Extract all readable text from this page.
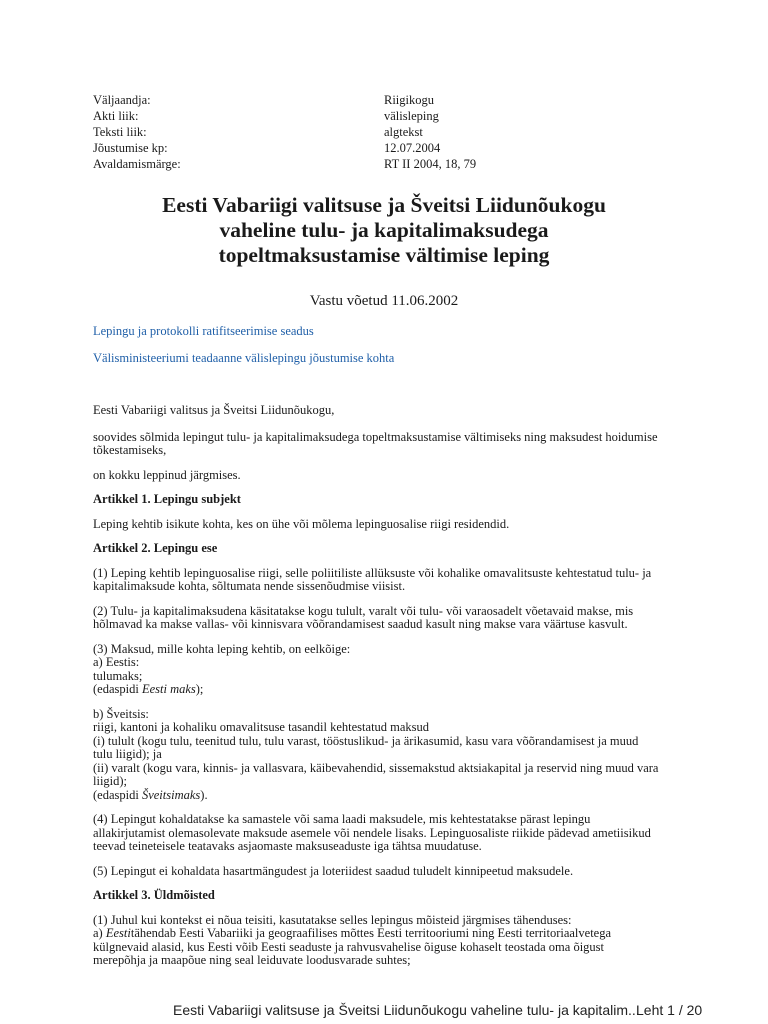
Väljaandja:	Riigikogu
Akti liik:	välisleping
Teksti liik:	algtekst
Jõustumise kp:	12.07.2004
Avaldamismärge:	RT II 2004, 18, 79
Eesti Vabariigi valitsuse ja Šveitsi Liidunõukogu
vaheline tulu- ja kapitalimaksudega
topeltmaksustamise vältimise leping
Vastu võetud 11.06.2002
Lepingu ja protokolli ratifitseerimise seadus
Välisministeeriumi teadaanne välislepingu jõustumise kohta
Eesti Vabariigi valitsus ja Šveitsi Liidunõukogu,
soovides sõlmida lepingut tulu- ja kapitalimaksudega topeltmaksustamise vältimiseks ning maksudest hoidumise
tõkestamiseks,
on kokku leppinud järgmises.
Artikkel 1. Lepingu subjekt
Leping kehtib isikute kohta, kes on ühe või mõlema lepinguosalise riigi residendid.
Artikkel 2. Lepingu ese
(1) Leping kehtib lepinguosalise riigi, selle poliitiliste allüksuste või kohalike omavalitsuste kehtestatud tulu- ja
kapitalimaksude kohta, sõltumata nende sissenõudmise viisist.
(2) Tulu- ja kapitalimaksudena käsitatakse kogu tulult, varalt või tulu- või varaosadelt võetavaid makse, mis
hõlmavad ka makse vallas- või kinnisvara võõrandamisest saadud kasult ning makse vara väärtuse kasvult.
(3) Maksud, mille kohta leping kehtib, on eelkõige:
a) Eestis:
tulumaks;
(edaspidi Eesti maks);
b) Šveitsis:
riigi, kantoni ja kohaliku omavalitsuse tasandil kehtestatud maksud
(i) tulult (kogu tulu, teenitud tulu, tulu varast, tööstuslikud- ja ärikasumid, kasu vara võõrandamisest ja muud
tulu liigid); ja
(ii) varalt (kogu vara, kinnis- ja vallasvara, käibevahendid, sissemakstud aktsiakapital ja reservid ning muud vara
liigid);
(edaspidi Šveitsimaks).
(4) Lepingut kohaldatakse ka samastele või sama laadi maksudele, mis kehtestatakse pärast lepingu
allakirjutamist olemasolevate maksude asemele või nendele lisaks. Lepinguosaliste riikide pädevad ametiisikud
teevad teineteisele teatavaks asjaomaste maksuseaduste iga tähtsa muudatuse.
(5) Lepingut ei kohaldata hasartmängudest ja loteriidest saadud tuludelt kinnipeetud maksudele.
Artikkel 3. Üldmõisted
(1) Juhul kui kontekst ei nõua teisiti, kasutatakse selles lepingus mõisteid järgmises tähenduses:
a) Eestitähendab Eesti Vabariiki ja geograafilises mõttes Eesti territooriumi ning Eesti territoriaalvetega
külgnevaid alasid, kus Eesti võib Eesti seaduste ja rahvusvahelise õiguse kohaselt teostada oma õigust
merepõhja ja maapõue ning seal leiduvate loodusvarade suhtes;
Eesti Vabariigi valitsuse ja Šveitsi Liidunõukogu vaheline tulu- ja kapitalim...
Leht 1 / 20
